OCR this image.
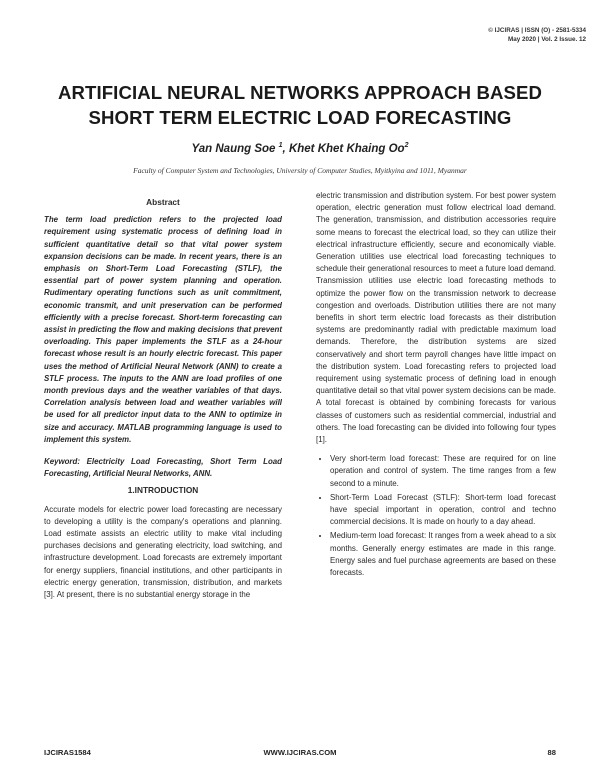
© IJCIRAS | ISSN (O) - 2581-5334
May 2020 | Vol. 2 Issue. 12
ARTIFICIAL NEURAL NETWORKS APPROACH BASED
SHORT TERM ELECTRIC LOAD FORECASTING
Yan Naung Soe $^1$, Khet Khet Khaing Oo$^2$
Faculty of Computer System and Technologies, University of Computer Studies, Myitkyina and 1011, Myanmar
Abstract

The term load prediction refers to the projected load requirement using systematic process of defining load in sufficient quantitative detail so that vital power system expansion decisions can be made. In recent years, there is an emphasis on Short-Term Load Forecasting (STLF), the essential part of power system planning and operation. Rudimentary operating functions such as unit commitment, economic transmit, and unit preservation can be performed efficiently with a precise forecast. Short-term forecasting can assist in predicting the flow and making decisions that prevent overloading. This paper implements the STLF as a 24-hour forecast whose result is an hourly electric forecast. This paper uses the method of Artificial Neural Network (ANN) to create a STLF process. The inputs to the ANN are load profiles of one month previous days and the weather variables of that days. Correlation analysis between load and weather variables will be used for all predictor input data to the ANN to optimize in size and accuracy. MATLAB programming language is used to implement this system.

Keyword: Electricity Load Forecasting, Short Term Load Forecasting, Artificial Neural Networks, ANN.

1.INTRODUCTION

Accurate models for electric power load forecasting are necessary to developing a utility is the company's operations and planning. Load estimate assists an electric utility to make vital including purchases decisions and generating electricity, load switching, and infrastructure development. Load forecasts are extremely important for energy suppliers, financial institutions, and other participants in electric energy generation, transmission, distribution, and markets [3]. At present, there is no substantial energy storage in the

electric transmission and distribution system. For best power system operation, electric generation must follow electrical load demand. The generation, transmission, and distribution accessories require some means to forecast the electrical load, so they can utilize their electrical infrastructure efficiently, secure and economically viable. Generation utilities use electrical load forecasting techniques to schedule their generational resources to meet a future load demand. Transmission utilities use electric load forecasting methods to optimize the power flow on the transmission network to decrease congestion and overloads. Distribution utilities there are not many benefits in short term electric load forecasts as their distribution systems are predominantly radial with predictable maximum load demands. Therefore, the distribution systems are sized conservatively and short term payroll changes have little impact on the distribution system. Load forecasting refers to projected load requirement using systematic process of defining load in enough quantitative detail so that vital power system decisions can be made. A total forecast is obtained by combining forecasts for various classes of customers such as residential commercial, industrial and others. The load forecasting can be divided into following four types [1].

• Very short-term load forecast: These are required for on line operation and control of system. The time ranges from a few second to a minute.
• Short-Term Load Forecast (STLF): Short-term load forecast have special important in operation, control and techno commercial decisions. It is made on hourly to a day ahead.
• Medium-term load forecast: It ranges from a week ahead to a six months. Generally energy estimates are made in this range. Energy sales and fuel purchase agreements are based on these forecasts.
IJCIRAS1584	WWW.IJCIRAS.COM	88
